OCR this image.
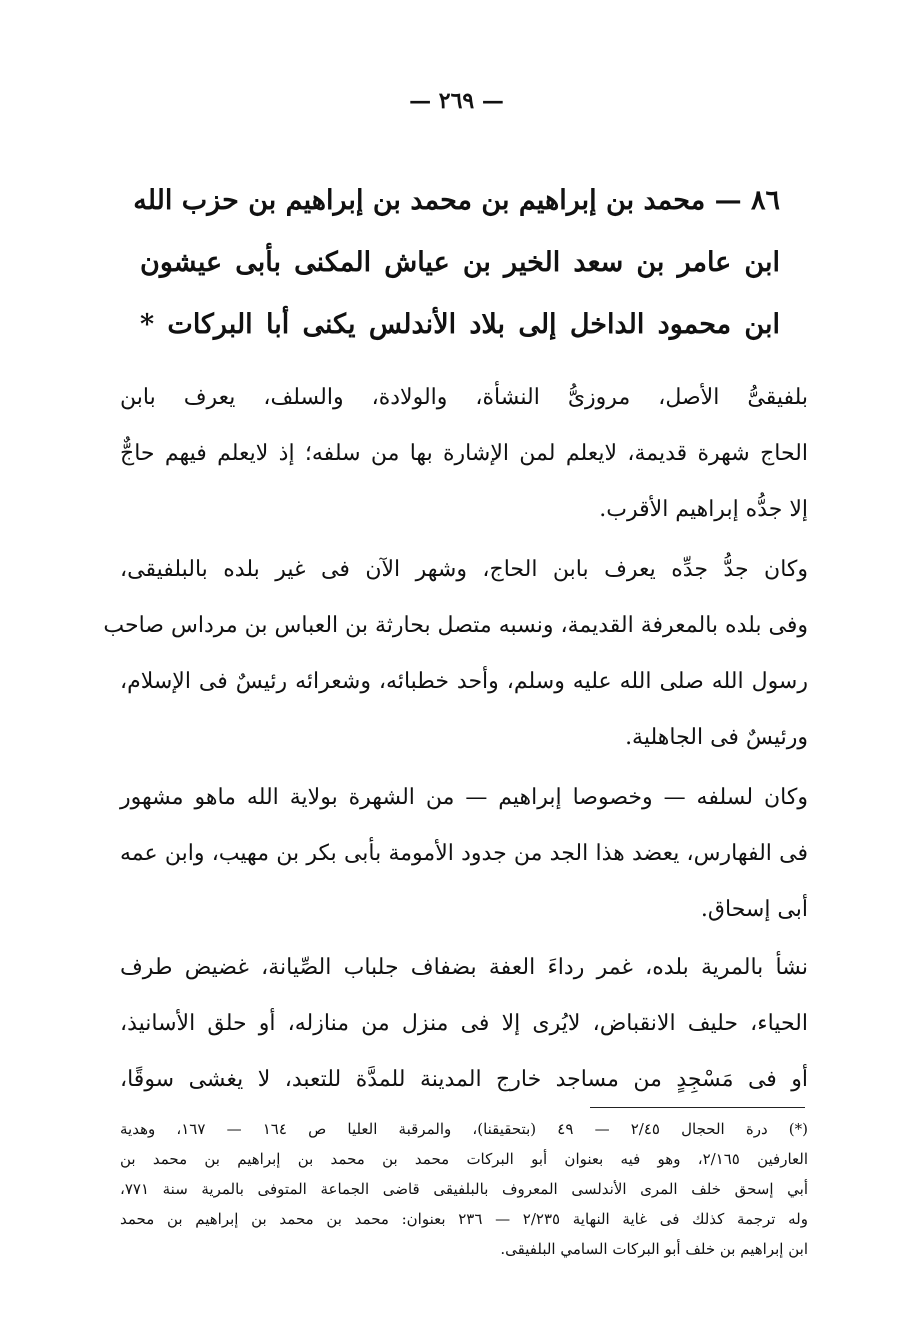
— ٢٦٩ —
٨٦ — محمد بن إبراهيم بن محمد بن إبراهيم بن حزب الله
ابن عامر بن سعد الخير بن عياش المكنى بأبى عيشون
ابن محمود الداخل إلى بلاد الأندلس يكنى أبا البركات *
بلفيقىُّ الأصل، مروزىُّ النشأة، والولادة، والسلف، يعرف بابن
الحاج شهرة قديمة، لايعلم لمن الإشارة بها من سلفه؛ إذ لايعلم فيهم حاجٌّ
إلا جدُّه إبراهيم الأقرب.
وكان جدُّ جدِّه يعرف بابن الحاج، وشهر الآن فى غير بلده بالبلفيقى،
وفى بلده بالمعرفة القديمة، ونسبه متصل بحارثة بن العباس بن مرداس صاحب
رسول الله صلى الله عليه وسلم، وأحد خطبائه، وشعرائه رئيسٌ فى الإسلام،
ورئيسٌ فى الجاهلية.
وكان لسلفه — وخصوصا إبراهيم — من الشهرة بولاية الله ماهو مشهور
فى الفهارس، يعضد هذا الجد من جدود الأمومة بأبى بكر بن مهيب، وابن عمه
أبى إسحاق.
نشأ بالمرية بلده، غمر رداءَ العفة بضفاف جلباب الصِّيانة، غضيض طرف
الحياء، حليف الانقباض، لايُرى إلا فى منزل من منازله، أو حلق الأسانيذ،
أو فى مَسْجِدٍ من مساجد خارج المدينة للمدَّة للتعبد، لا يغشى سوقًا،
(*) درة الحجال ٢/٤٥ — ٤٩ (بتحقيقنا)، والمرقبة العليا ص ١٦٤ — ١٦٧، وهدية
العارفين ٢/١٦٥، وهو فيه بعنوان أبو البركات محمد بن محمد بن إبراهيم بن محمد بن
أبي إسحق خلف المرى الأندلسى المعروف بالبلفيقى قاضى الجماعة المتوفى بالمرية سنة ٧٧١،
وله ترجمة كذلك فى غاية النهاية ٢/٢٣٥ — ٢٣٦ بعنوان: محمد بن محمد بن إبراهيم بن محمد
ابن إبراهيم بن خلف أبو البركات السامي البلفيقى.
